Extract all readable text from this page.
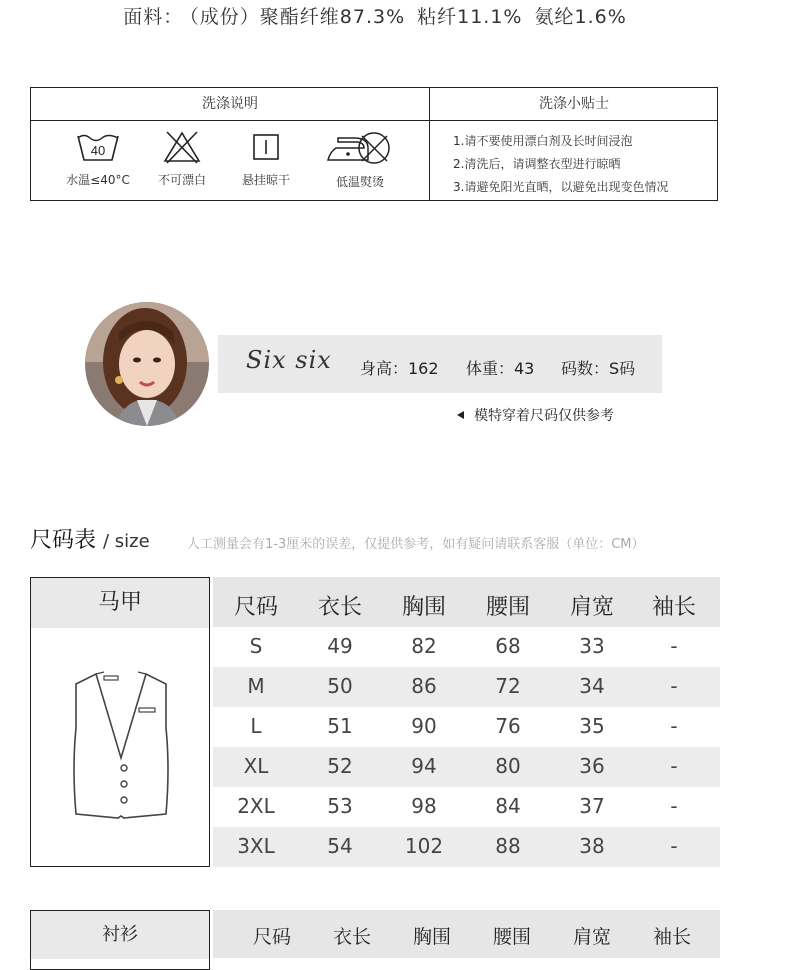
面料： （成份）聚酯纤维87.3% 粘纤11.1% 氨纶1.6%
洗涤说明	洗涤小贴士
40
水温≤40°C	不可漂白	悬挂晾干	低温熨烫
1.请不要使用漂白剂及长时间浸泡
2.清洗后，请调整衣型进行晾晒
3.请避免阳光直晒，以避免出现变色情况
Six six 身高：162 体重：43 码数：S码
模特穿着尺码仅供参考
尺码表 / size	人工测量会有1-3厘米的误差，仅提供参考，如有疑问请联系客服（单位：CM）
马甲	尺码	衣长	胸围	腰围	肩宽	袖长
S	49	82	68	33	-
M	50	86	72	34	-
L	51	90	76	35	-
XL	52	94	80	36	-
2XL	53	98	84	37	-
3XL	54	102	88	38	-
衬衫	尺码	衣长	胸围	腰围	肩宽	袖长
